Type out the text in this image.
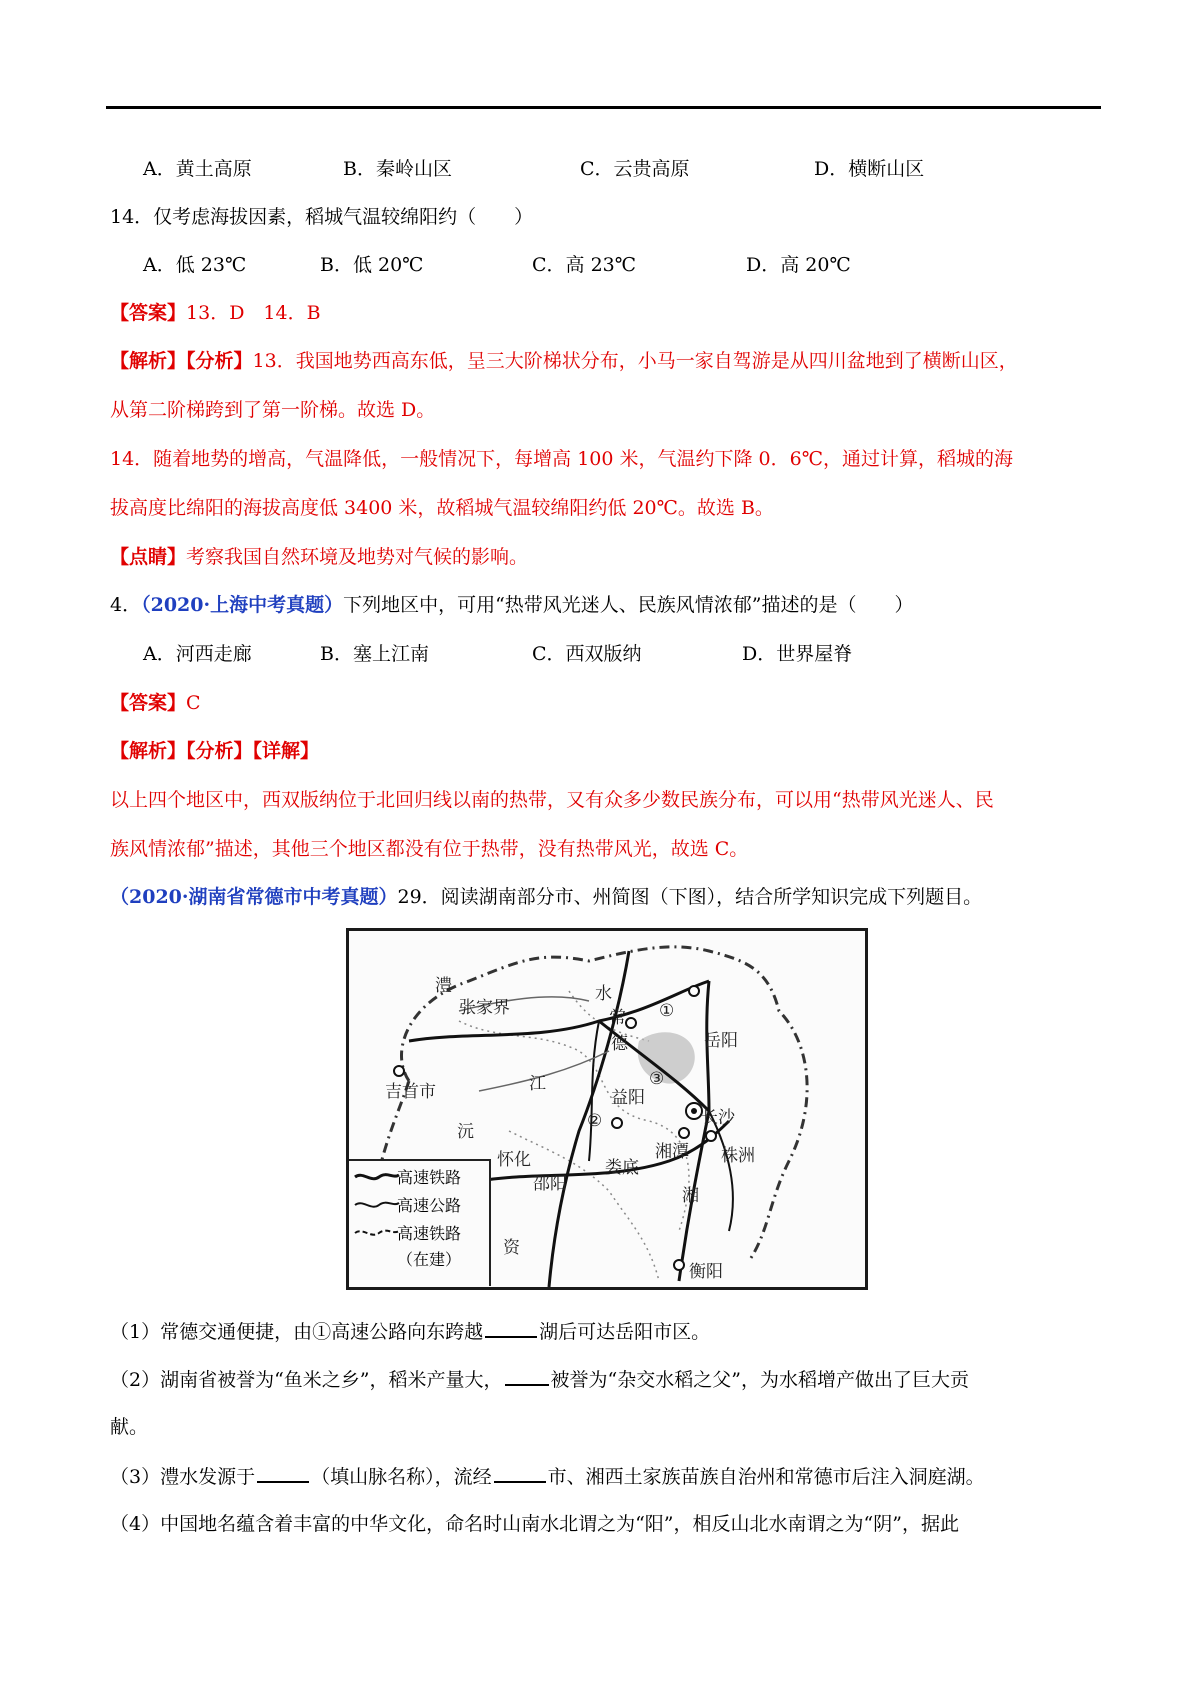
A．黄土高原	B．秦岭山区	C．云贵高原	D．横断山区
14．仅考虑海拔因素，稻城气温较绵阳约（　　）
A．低 23℃	B．低 20℃	C．高 23℃	D．高 20℃
【答案】13．D　14．B
【解析】【分析】13．我国地势西高东低，呈三大阶梯状分布，小马一家自驾游是从四川盆地到了横断山区，
从第二阶梯跨到了第一阶梯。故选 D。
14．随着地势的增高，气温降低，一般情况下，每增高 100 米，气温约下降 0．6℃，通过计算，稻城的海
拔高度比绵阳的海拔高度低 3400 米，故稻城气温较绵阳约低 20℃。故选 B。
【点睛】考察我国自然环境及地势对气候的影响。
4．（2020·上海中考真题）下列地区中，可用“热带风光迷人、民族风情浓郁”描述的是（　　）
A．河西走廊	B．塞上江南	C．西双版纳	D．世界屋脊
【答案】C
【解析】【分析】【详解】
以上四个地区中，西双版纳位于北回归线以南的热带，又有众多少数民族分布，可以用“热带风光迷人、民
族风情浓郁”描述，其他三个地区都没有位于热带，没有热带风光，故选 C。
（2020·湖南省常德市中考真题）29．阅读湖南部分市、州简图（下图），结合所学知识完成下列题目。
澧
张家界
水
常
德
①
岳阳
③
吉首市	江
益阳
②	长沙
沅
湘潭 株洲
怀化	娄底
邵阳
湘
资
衡阳
高速铁路
高速公路
高速铁路
（在建）
（1）常德交通便捷，由①高速公路向东跨越	湖后可达岳阳市区。
（2）湖南省被誉为“鱼米之乡”，稻米产量大，	被誉为“杂交水稻之父”，为水稻增产做出了巨大贡
献。
（3）澧水发源于	（填山脉名称），流经	市、湘西土家族苗族自治州和常德市后注入洞庭湖。
（4）中国地名蕴含着丰富的中华文化，命名时山南水北谓之为“阳”，相反山北水南谓之为“阴”，据此
